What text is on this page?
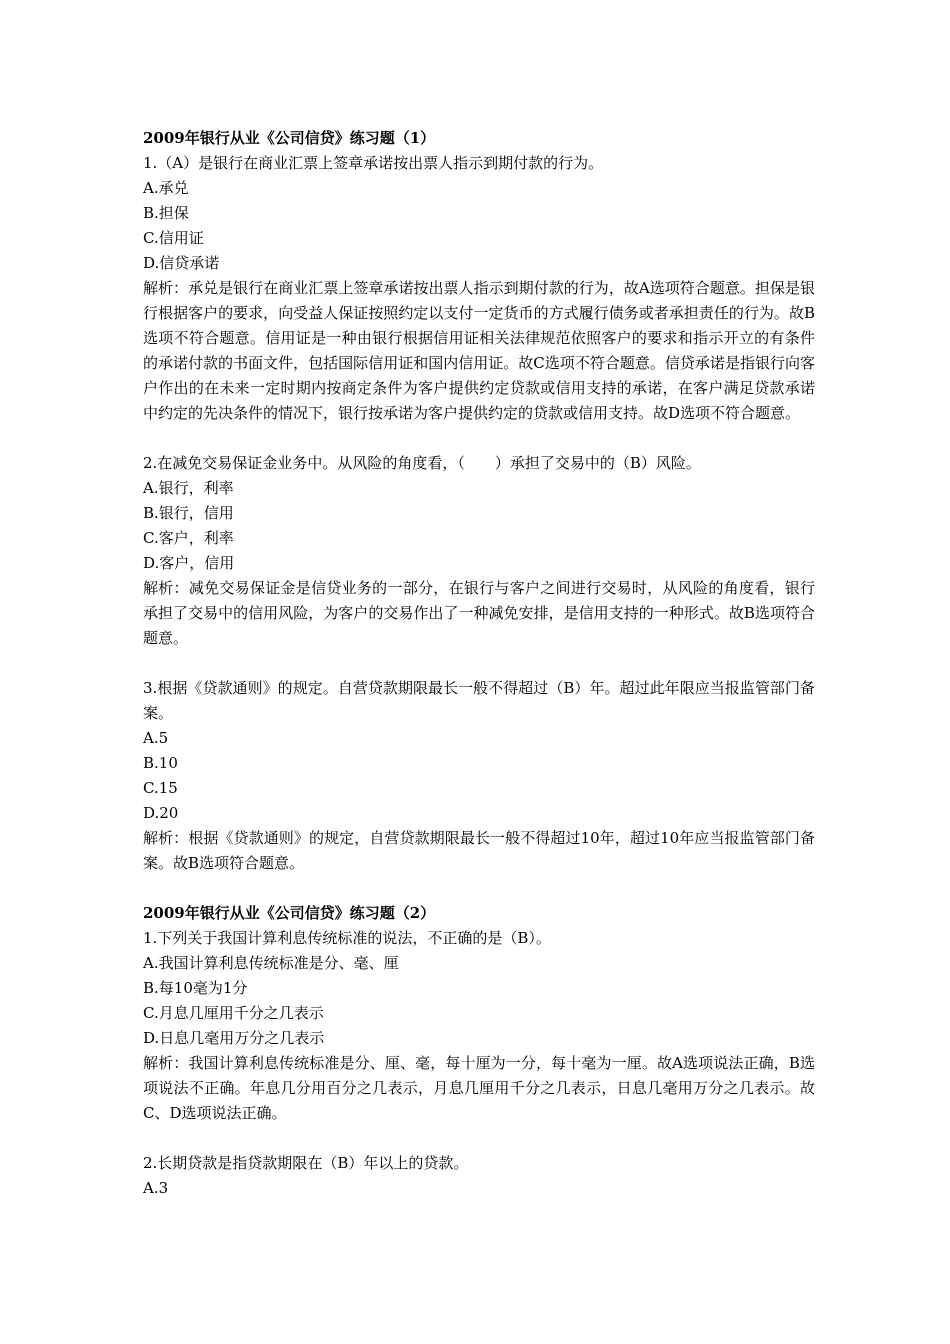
2009年银行从业《公司信贷》练习题（1）

1.（A）是银行在商业汇票上签章承诺按出票人指示到期付款的行为。

A.承兑

B.担保

C.信用证

D.信贷承诺

解析：承兑是银行在商业汇票上签章承诺按出票人指示到期付款的行为，故A选项符合题意。担保是银行根据客户的要求，向受益人保证按照约定以支付一定货币的方式履行债务或者承担责任的行为。故B选项不符合题意。信用证是一种由银行根据信用证相关法律规范依照客户的要求和指示开立的有条件的承诺付款的书面文件，包括国际信用证和国内信用证。故C选项不符合题意。信贷承诺是指银行向客户作出的在未来一定时期内按商定条件为客户提供约定贷款或信用支持的承诺，在客户满足贷款承诺中约定的先决条件的情况下，银行按承诺为客户提供约定的贷款或信用支持。故D选项不符合题意。

2.在减免交易保证金业务中。从风险的角度看，（　　）承担了交易中的（B）风险。

A.银行，利率

B.银行，信用

C.客户，利率

D.客户，信用

解析：减免交易保证金是信贷业务的一部分，在银行与客户之间进行交易时，从风险的角度看，银行承担了交易中的信用风险，为客户的交易作出了一种减免安排，是信用支持的一种形式。故B选项符合题意。

3.根据《贷款通则》的规定。自营贷款期限最长一般不得超过（B）年。超过此年限应当报监管部门备案。

A.5

B.10

C.15

D.20

解析：根据《贷款通则》的规定，自营贷款期限最长一般不得超过10年，超过10年应当报监管部门备案。故B选项符合题意。

2009年银行从业《公司信贷》练习题（2）

1.下列关于我国计算利息传统标准的说法，不正确的是（B）。

A.我国计算利息传统标准是分、毫、厘

B.每10毫为1分

C.月息几厘用千分之几表示

D.日息几毫用万分之几表示

解析：我国计算利息传统标准是分、厘、毫，每十厘为一分，每十毫为一厘。故A选项说法正确，B选项说法不正确。年息几分用百分之几表示，月息几厘用千分之几表示，日息几毫用万分之几表示。故C、D选项说法正确。

2.长期贷款是指贷款期限在（B）年以上的贷款。

A.3
